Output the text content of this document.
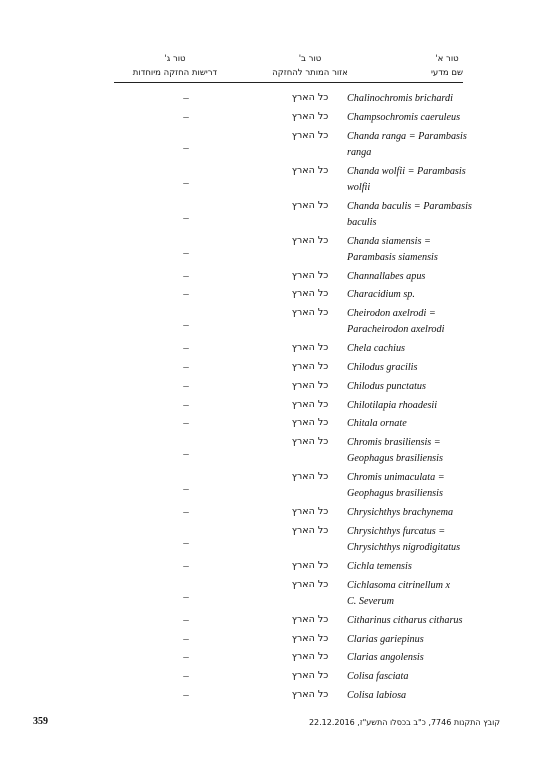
טור א'
שם מדעי
טור ב'
אזור המותר להחזקה
טור ג'
דרישות החזקה מיוחדות
Chalinochromis brichardi
כל הארץ
–
Champsochromis caeruleus
כל הארץ
–
Chanda ranga = Parambasis
ranga
כל הארץ
–
Chanda wolfii = Parambasis
wolfii
כל הארץ
–
Chanda baculis = Parambasis
baculis
כל הארץ
–
Chanda siamensis =
Parambasis siamensis
כל הארץ
–
Channallabes apus
כל הארץ
–
Characidium sp.
כל הארץ
–
Cheirodon axelrodi =
Paracheirodon axelrodi
כל הארץ
–
Chela cachius
כל הארץ
–
Chilodus gracilis
כל הארץ
–
Chilodus punctatus
כל הארץ
–
Chilotilapia rhoadesii
כל הארץ
–
Chitala ornate
כל הארץ
–
Chromis brasiliensis =
Geophagus brasiliensis
כל הארץ
–
Chromis unimaculata =
Geophagus brasiliensis
כל הארץ
–
Chrysichthys brachynema
כל הארץ
–
Chrysichthys furcatus =
Chrysichthys nigrodigitatus
כל הארץ
–
Cichla temensis
כל הארץ
–
Cichlasoma citrinellum x
C. Severum
כל הארץ
–
Citharinus citharus citharus
כל הארץ
–
Clarias gariepinus
כל הארץ
–
Clarias angolensis
כל הארץ
–
Colisa fasciata
כל הארץ
–
Colisa labiosa
כל הארץ
–
קובץ התקנות 7746, כ"ב בכסלו התשע"ז, 22.12.2016
359
